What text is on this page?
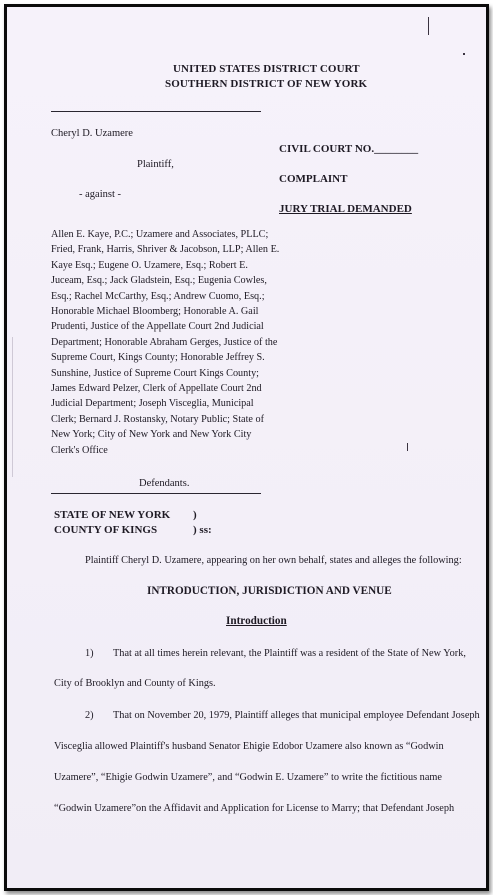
UNITED STATES DISTRICT COURT
SOUTHERN DISTRICT OF NEW YORK
Cheryl D. Uzamere
Plaintiff,
- against -
CIVIL COURT NO.________
COMPLAINT
JURY TRIAL DEMANDED
Allen E. Kaye, P.C.; Uzamere and Associates, PLLC;
Fried, Frank, Harris, Shriver & Jacobson, LLP; Allen E.
Kaye Esq.; Eugene O. Uzamere, Esq.; Robert E.
Juceam, Esq.; Jack Gladstein, Esq.; Eugenia Cowles,
Esq.; Rachel McCarthy, Esq.; Andrew Cuomo, Esq.;
Honorable Michael Bloomberg; Honorable A. Gail
Prudenti, Justice of the Appellate Court 2nd Judicial
Department; Honorable Abraham Gerges, Justice of the
Supreme Court, Kings County; Honorable Jeffrey S.
Sunshine, Justice of Supreme Court Kings County;
James Edward Pelzer, Clerk of Appellate Court 2nd
Judicial Department; Joseph Visceglia, Municipal
Clerk; Bernard J. Rostansky, Notary Public; State of
New York; City of New York and New York City
Clerk's Office
Defendants.
STATE OF NEW YORK
COUNTY OF KINGS
)
) ss:
Plaintiff Cheryl D. Uzamere, appearing on her own behalf, states and alleges the following:
INTRODUCTION, JURISDICTION AND VENUE
Introduction
1) That at all times herein relevant, the Plaintiff was a resident of the State of New York,
City of Brooklyn and County of Kings.
2) That on November 20, 1979, Plaintiff alleges that municipal employee Defendant Joseph
Visceglia allowed Plaintiff's husband Senator Ehigie Edobor Uzamere also known as “Godwin
Uzamere”, “Ehigie Godwin Uzamere”, and “Godwin E. Uzamere” to write the fictitious name
“Godwin Uzamere”on the Affidavit and Application for License to Marry; that Defendant Joseph
